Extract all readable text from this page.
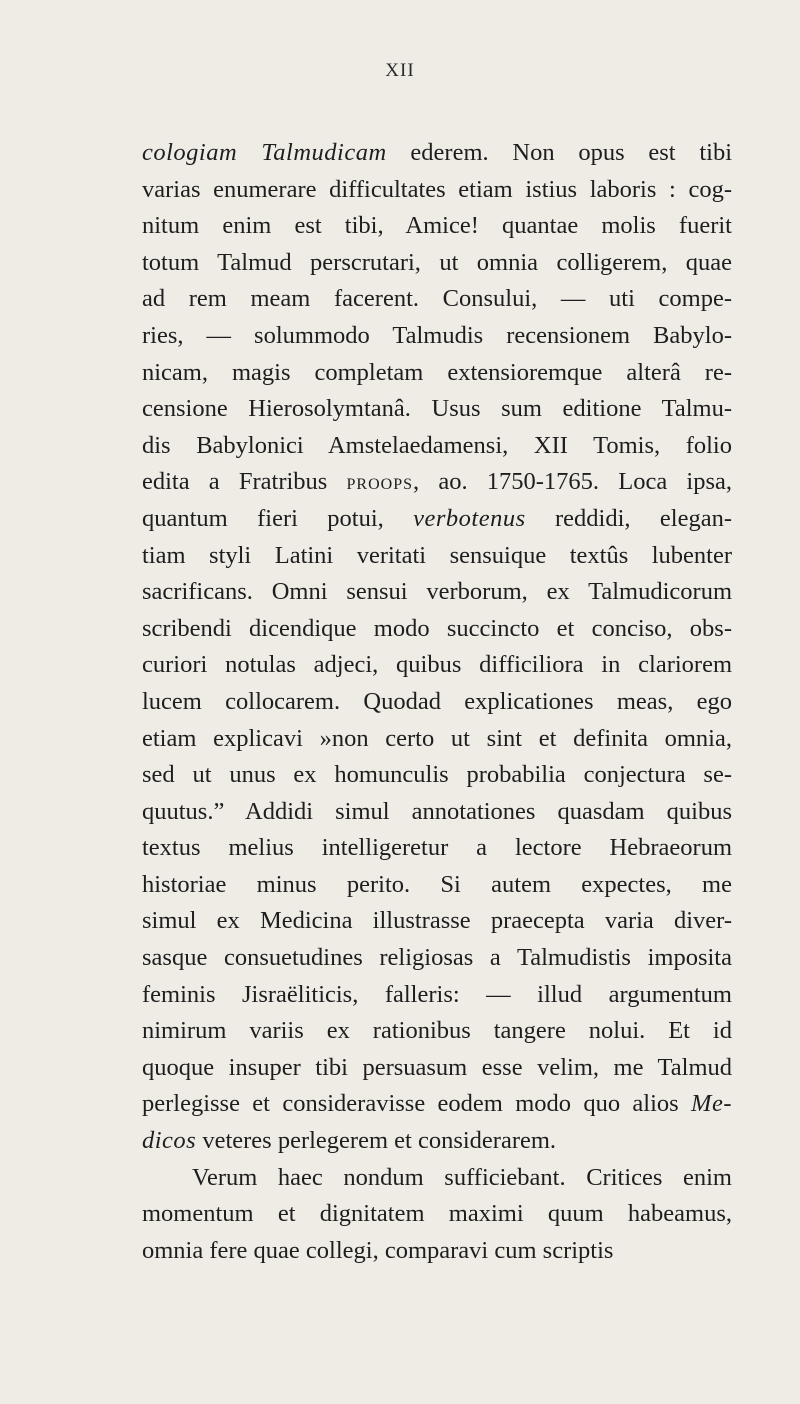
XII
cologiam Talmudicam ederem. Non opus est tibi
varias enumerare difficultates etiam istius laboris : cog-
nitum enim est tibi, Amice! quantae molis fuerit
totum Talmud perscrutari, ut omnia colligerem, quae
ad rem meam facerent. Consului, — uti compe-
ries, — solummodo Talmudis recensionem Babylo-
nicam, magis completam extensioremque alterâ re-
censione Hierosolymtanâ. Usus sum editione Talmu-
dis Babylonici Amstelaedamensi, XII Tomis, folio
edita a Fratribus PROOPS, ao. 1750-1765. Loca ipsa,
quantum fieri potui, verbotenus reddidi, elegan-
tiam styli Latini veritati sensuique textûs lubenter
sacrificans. Omni sensui verborum, ex Talmudicorum
scribendi dicendique modo succincto et conciso, obs-
curiori notulas adjeci, quibus difficiliora in clariorem
lucem collocarem. Quodad explicationes meas, ego
etiam explicavi »non certo ut sint et definita omnia,
sed ut unus ex homunculis probabilia conjectura se-
quutus.” Addidi simul annotationes quasdam quibus
textus melius intelligeretur a lectore Hebraeorum
historiae minus perito. Si autem expectes, me
simul ex Medicina illustrasse praecepta varia diver-
sasque consuetudines religiosas a Talmudistis imposita
feminis Jisraëliticis, falleris: — illud argumentum
nimirum variis ex rationibus tangere nolui. Et id
quoque insuper tibi persuasum esse velim, me Talmud
perlegisse et consideravisse eodem modo quo alios Me-
dicos veteres perlegerem et considerarem.
Verum haec nondum sufficiebant. Critices enim
momentum et dignitatem maximi quum habeamus,
omnia fere quae collegi, comparavi cum scriptis
